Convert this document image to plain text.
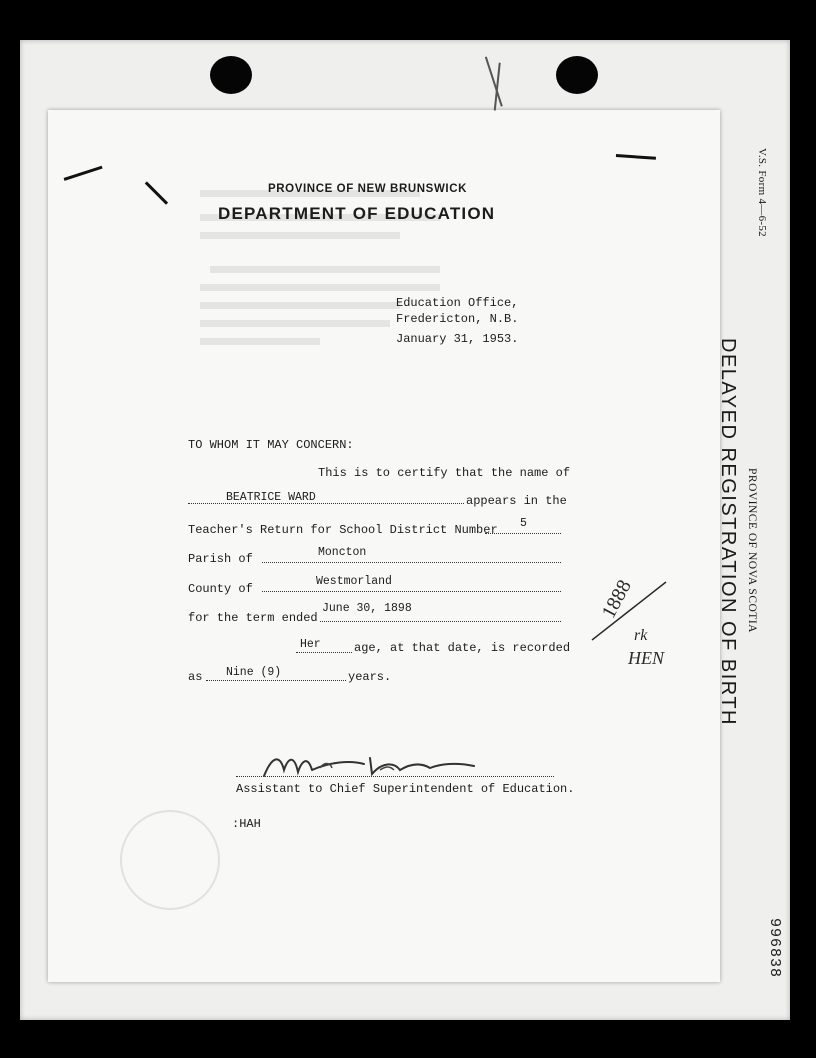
V.S. Form 4—6-52
PROVINCE OF NOVA SCOTIA
996838
DELAYED REGISTRATION OF BIRTH
PROVINCE OF NEW BRUNSWICK
DEPARTMENT OF EDUCATION
Education Office,
Fredericton, N.B.
January 31, 1953.
TO WHOM IT MAY CONCERN:
This is to certify that the name of
BEATRICE WARD	appears in the
Teacher's Return for School District Number 5
Parish of	Moncton
County of
Westmorland
for the term ended
June 30, 1898
Her	age, at that date, is recorded
as Nine (9)	years.
Assistant to Chief Superintendent of Education.
:HAH
1888
rk
HEN
